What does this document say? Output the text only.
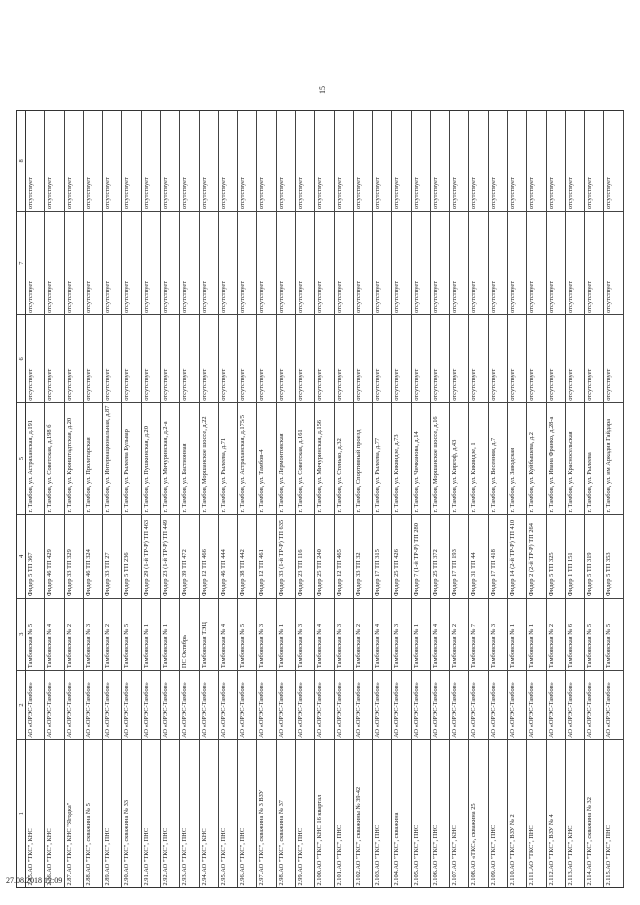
15
1
2
3
4
5
6
7
8
2.85.АО "ТКС", КНС
АО «ОРЭС-Тамбов»
Тамбовская № 5
Фидер 5 ТП 367
г. Тамбов, ул. Астраханская, д.191
отсутствует
отсутствует
отсутствует
2.86.АО "ТКС", КНС
АО «ОРЭС-Тамбов»
Тамбовская № 4
Фидер 46 ТП 429
г. Тамбов, ул. Советская, д.198 б
отсутствует
отсутствует
отсутствует
2.87.АО "ТКС", КНС "Ягодка"
АО «ОРЭС-Тамбов»
Тамбовская № 2
Фидер 33 ТП 329
г. Тамбов, ул. Кронштадтская, д.20
отсутствует
отсутствует
отсутствует
2.88.АО "ТКС", скважина № 5
АО «ОРЭС-Тамбов»
Тамбовская № 3
Фидер 46 ТП 324
г. Тамбов, ул. Пролетарская
отсутствует
отсутствует
отсутствует
2.89.АО "ТКС", ПНС
АО «ОРЭС-Тамбов»
Тамбовская № 2
Фидер 33 ТП 27
г. Тамбов, ул. Интернациональная, д.87
отсутствует
отсутствует
отсутствует
2.90.АО "ТКС", скважина № 33
АО «ОРЭС-Тамбов»
Тамбовская № 5
Фидер 5 ТП 236
г. Тамбов, ул. Рылеева Бульвар
отсутствует
отсутствует
отсутствует
2.91.АО "ТКС", ПНС
АО «ОРЭС-Тамбов»
Тамбовская № 1
Фидер 29 (1-й ТР-Р) ТП 463
г. Тамбов, ул. Пушкинская, д.20
отсутствует
отсутствует
отсутствует
2.92.АО "ТКС", ПНС
АО «ОРЭС-Тамбов»
Тамбовская № 1
Фидер 23 (1-й ТР-Р) ТП 449
г. Тамбов, ул. Мичуринская, д.2-а
отсутствует
отсутствует
отсутствует
2.93.АО "ТКС", ПНС
АО «ОРЭС-Тамбов»
ПС Октябрь
Фидер 39 ТП 472
г. Тамбов, ул. Бастионная
отсутствует
отсутствует
отсутствует
2.94.АО "ТКС", КНС
АО «ОРЭС-Тамбов»
Тамбовская ТЭЦ
Фидер 12 ТП 466
г. Тамбов, Моршанское шоссе, д.22
отсутствует
отсутствует
отсутствует
2.95.АО "ТКС", ПНС
АО «ОРЭС-Тамбов»
Тамбовская № 4
Фидер 46 ТП 444
г. Тамбов, ул. Рылеева, д.71
отсутствует
отсутствует
отсутствует
2.96.АО "ТКС", ПНС
АО «ОРЭС-Тамбов»
Тамбовская № 5
Фидер 38 ТП 442
г. Тамбов, ул. Астраханская, д.175/5
отсутствует
отсутствует
отсутствует
2.97.АО "ТКС", скважина № 3 ВЗУ
АО «ОРЭС-Тамбов»
Тамбовская № 3
Фидер 12 ТП 461
г. Тамбов, ул. Тамбов-4
отсутствует
отсутствует
отсутствует
2.98.АО "ТКС", скважина № 37
АО «ОРЭС-Тамбов»
Тамбовская № 1
Фидер 33 (1-й ТР-Р) ТП 635
г. Тамбов, ул. Лермонтовская
отсутствует
отсутствует
отсутствует
2.99.АО "ТКС", ПНС
АО «ОРЭС-Тамбов»
Тамбовская № 3
Фидер 23 ТП 116
г. Тамбов, ул. Советская, д.161
отсутствует
отсутствует
отсутствует
2.100.АО "ТКС", КНС 16 квартал
АО «ОРЭС-Тамбов»
Тамбовская № 4
Фидер 25 ТП 240
г. Тамбов, ул. Мичуринская, д.156
отсутствует
отсутствует
отсутствует
2.101.АО "ТКС", ПНС
АО «ОРЭС-Тамбов»
Тамбовская № 3
Фидер 12 ТП 465
г. Тамбов, ул. Стенько, д.32
отсутствует
отсутствует
отсутствует
2.102.АО "ТКС", скважины № 39-42
АО «ОРЭС-Тамбов»
Тамбовская № 2
Фидер 33 ТП 32
г. Тамбов, Спортивный проезд
отсутствует
отсутствует
отсутствует
2.103.АО "ТКС", ПНС
АО «ОРЭС-Тамбов»
Тамбовская № 4
Фидер 17 ТП 315
г. Тамбов, ул. Рылеева, д.77
отсутствует
отсутствует
отсутствует
2.104.АО "ТКС", скважина
АО «ОРЭС-Тамбов»
Тамбовская № 3
Фидер 25 ТП 426
г. Тамбов, ул. Киквидзе, д.73
отсутствует
отсутствует
отсутствует
2.105.АО "ТКС", ПНС
АО «ОРЭС-Тамбов»
Тамбовская № 1
Фидер 7 (1-й ТР-Р) ТП 280
г. Тамбов, ул. Чичканова, д.14
отсутствует
отсутствует
отсутствует
2.106.АО "ТКС", ПНС
АО «ОРЭС-Тамбов»
Тамбовская № 4
Фидер 25 ТП 372
г. Тамбов, Моршанское шоссе, д.16
отсутствует
отсутствует
отсутствует
2.107.АО "ТКС", КНС
АО «ОРЭС-Тамбов»
Тамбовская № 2
Фидер 17 ТП 193
г. Тамбов, ул. Киргоф, д.43
отсутствует
отсутствует
отсутствует
2.108.АО «ТКС», скважина 25
АО «ОРЭС-Тамбов»
Тамбовская № 7
Фидер 31 ТП 44
г. Тамбов, ул. Киквидзе, 1
отсутствует
отсутствует
отсутствует
2.109.АО "ТКС", ПНС
АО «ОРЭС-Тамбов»
Тамбовская № 3
Фидер 17 ТП 418
г. Тамбов, ул. Весенняя, д.7
отсутствует
отсутствует
отсутствует
2.110.АО "ТКС", ВЗУ № 2
АО «ОРЭС-Тамбов»
Тамбовская № 1
Фидер 14 (2-й ТР-Р) ТП 410
г. Тамбов, ул. Заводская
отсутствует
отсутствует
отсутствует
2.111.АО "ТКС", ПНС
АО «ОРЭС-Тамбов»
Тамбовская № 1
Фидер 2 (2-й ТР-Р) ТП 264
г. Тамбов, ул. Куйбышева, д.2
отсутствует
отсутствует
отсутствует
2.112.АО "ТКС", ВЗУ № 4
АО «ОРЭС-Тамбов»
Тамбовская № 2
Фидер 5 ТП 325
г. Тамбов, ул. Ивана Франко, д.28-а
отсутствует
отсутствует
отсутствует
2.113.АО "ТКС", КНС
АО «ОРЭС-Тамбов»
Тамбовская № 6
Фидер 1 ТП 151
г. Тамбов, ул. Красносельская
отсутствует
отсутствует
отсутствует
2.114.АО "ТКС", скважина № 32
АО «ОРЭС-Тамбов»
Тамбовская № 5
Фидер 5 ТП 319
г. Тамбов, ул. Рылеева
отсутствует
отсутствует
отсутствует
2.115.АО "ТКС", ПНС
АО «ОРЭС-Тамбов»
Тамбовская № 5
Фидер 5 ТП 353
г. Тамбов, ул. им Аркадия Гайдара
отсутствует
отсутствует
отсутствует
27.08.2018 12:09
